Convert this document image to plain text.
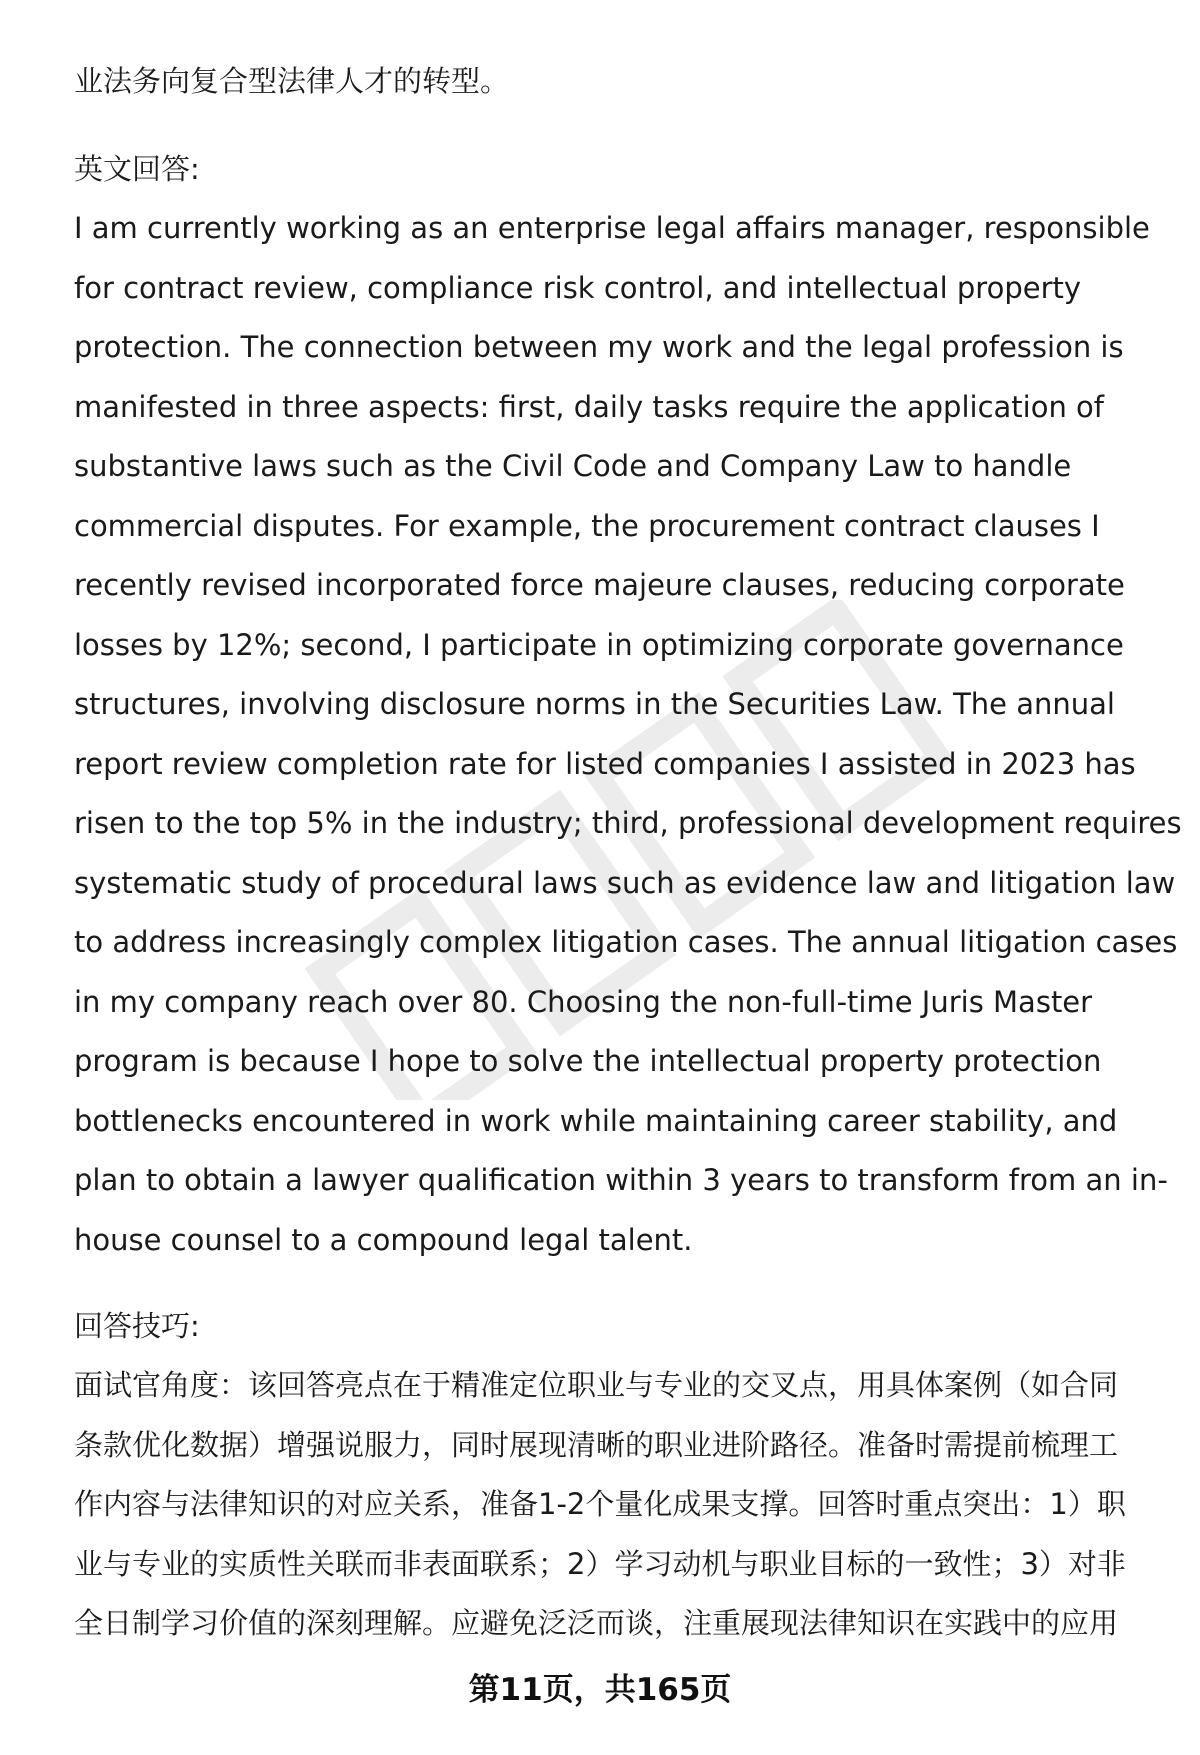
业法务向复合型法律人才的转型。
英文回答:
I am currently working as an enterprise legal affairs manager, responsible
for contract review, compliance risk control, and intellectual property
protection. The connection between my work and the legal profession is
manifested in three aspects: first, daily tasks require the application of
substantive laws such as the Civil Code and Company Law to handle
commercial disputes. For example, the procurement contract clauses I
recently revised incorporated force majeure clauses, reducing corporate
losses by 12%; second, I participate in optimizing corporate governance
structures, involving disclosure norms in the Securities Law. The annual
report review completion rate for listed companies I assisted in 2023 has
risen to the top 5% in the industry; third, professional development requires
systematic study of procedural laws such as evidence law and litigation law
to address increasingly complex litigation cases. The annual litigation cases
in my company reach over 80. Choosing the non-full-time Juris Master
program is because I hope to solve the intellectual property protection
bottlenecks encountered in work while maintaining career stability, and
plan to obtain a lawyer qualification within 3 years to transform from an in-
house counsel to a compound legal talent.
回答技巧:
面试官角度：该回答亮点在于精准定位职业与专业的交叉点，用具体案例（如合同
条款优化数据）增强说服力，同时展现清晰的职业进阶路径。准备时需提前梳理工
作内容与法律知识的对应关系，准备1-2个量化成果支撑。回答时重点突出：1）职
业与专业的实质性关联而非表面联系；2）学习动机与职业目标的一致性；3）对非
全日制学习价值的深刻理解。应避免泛泛而谈，注重展现法律知识在实践中的应用
第11页，共165页
